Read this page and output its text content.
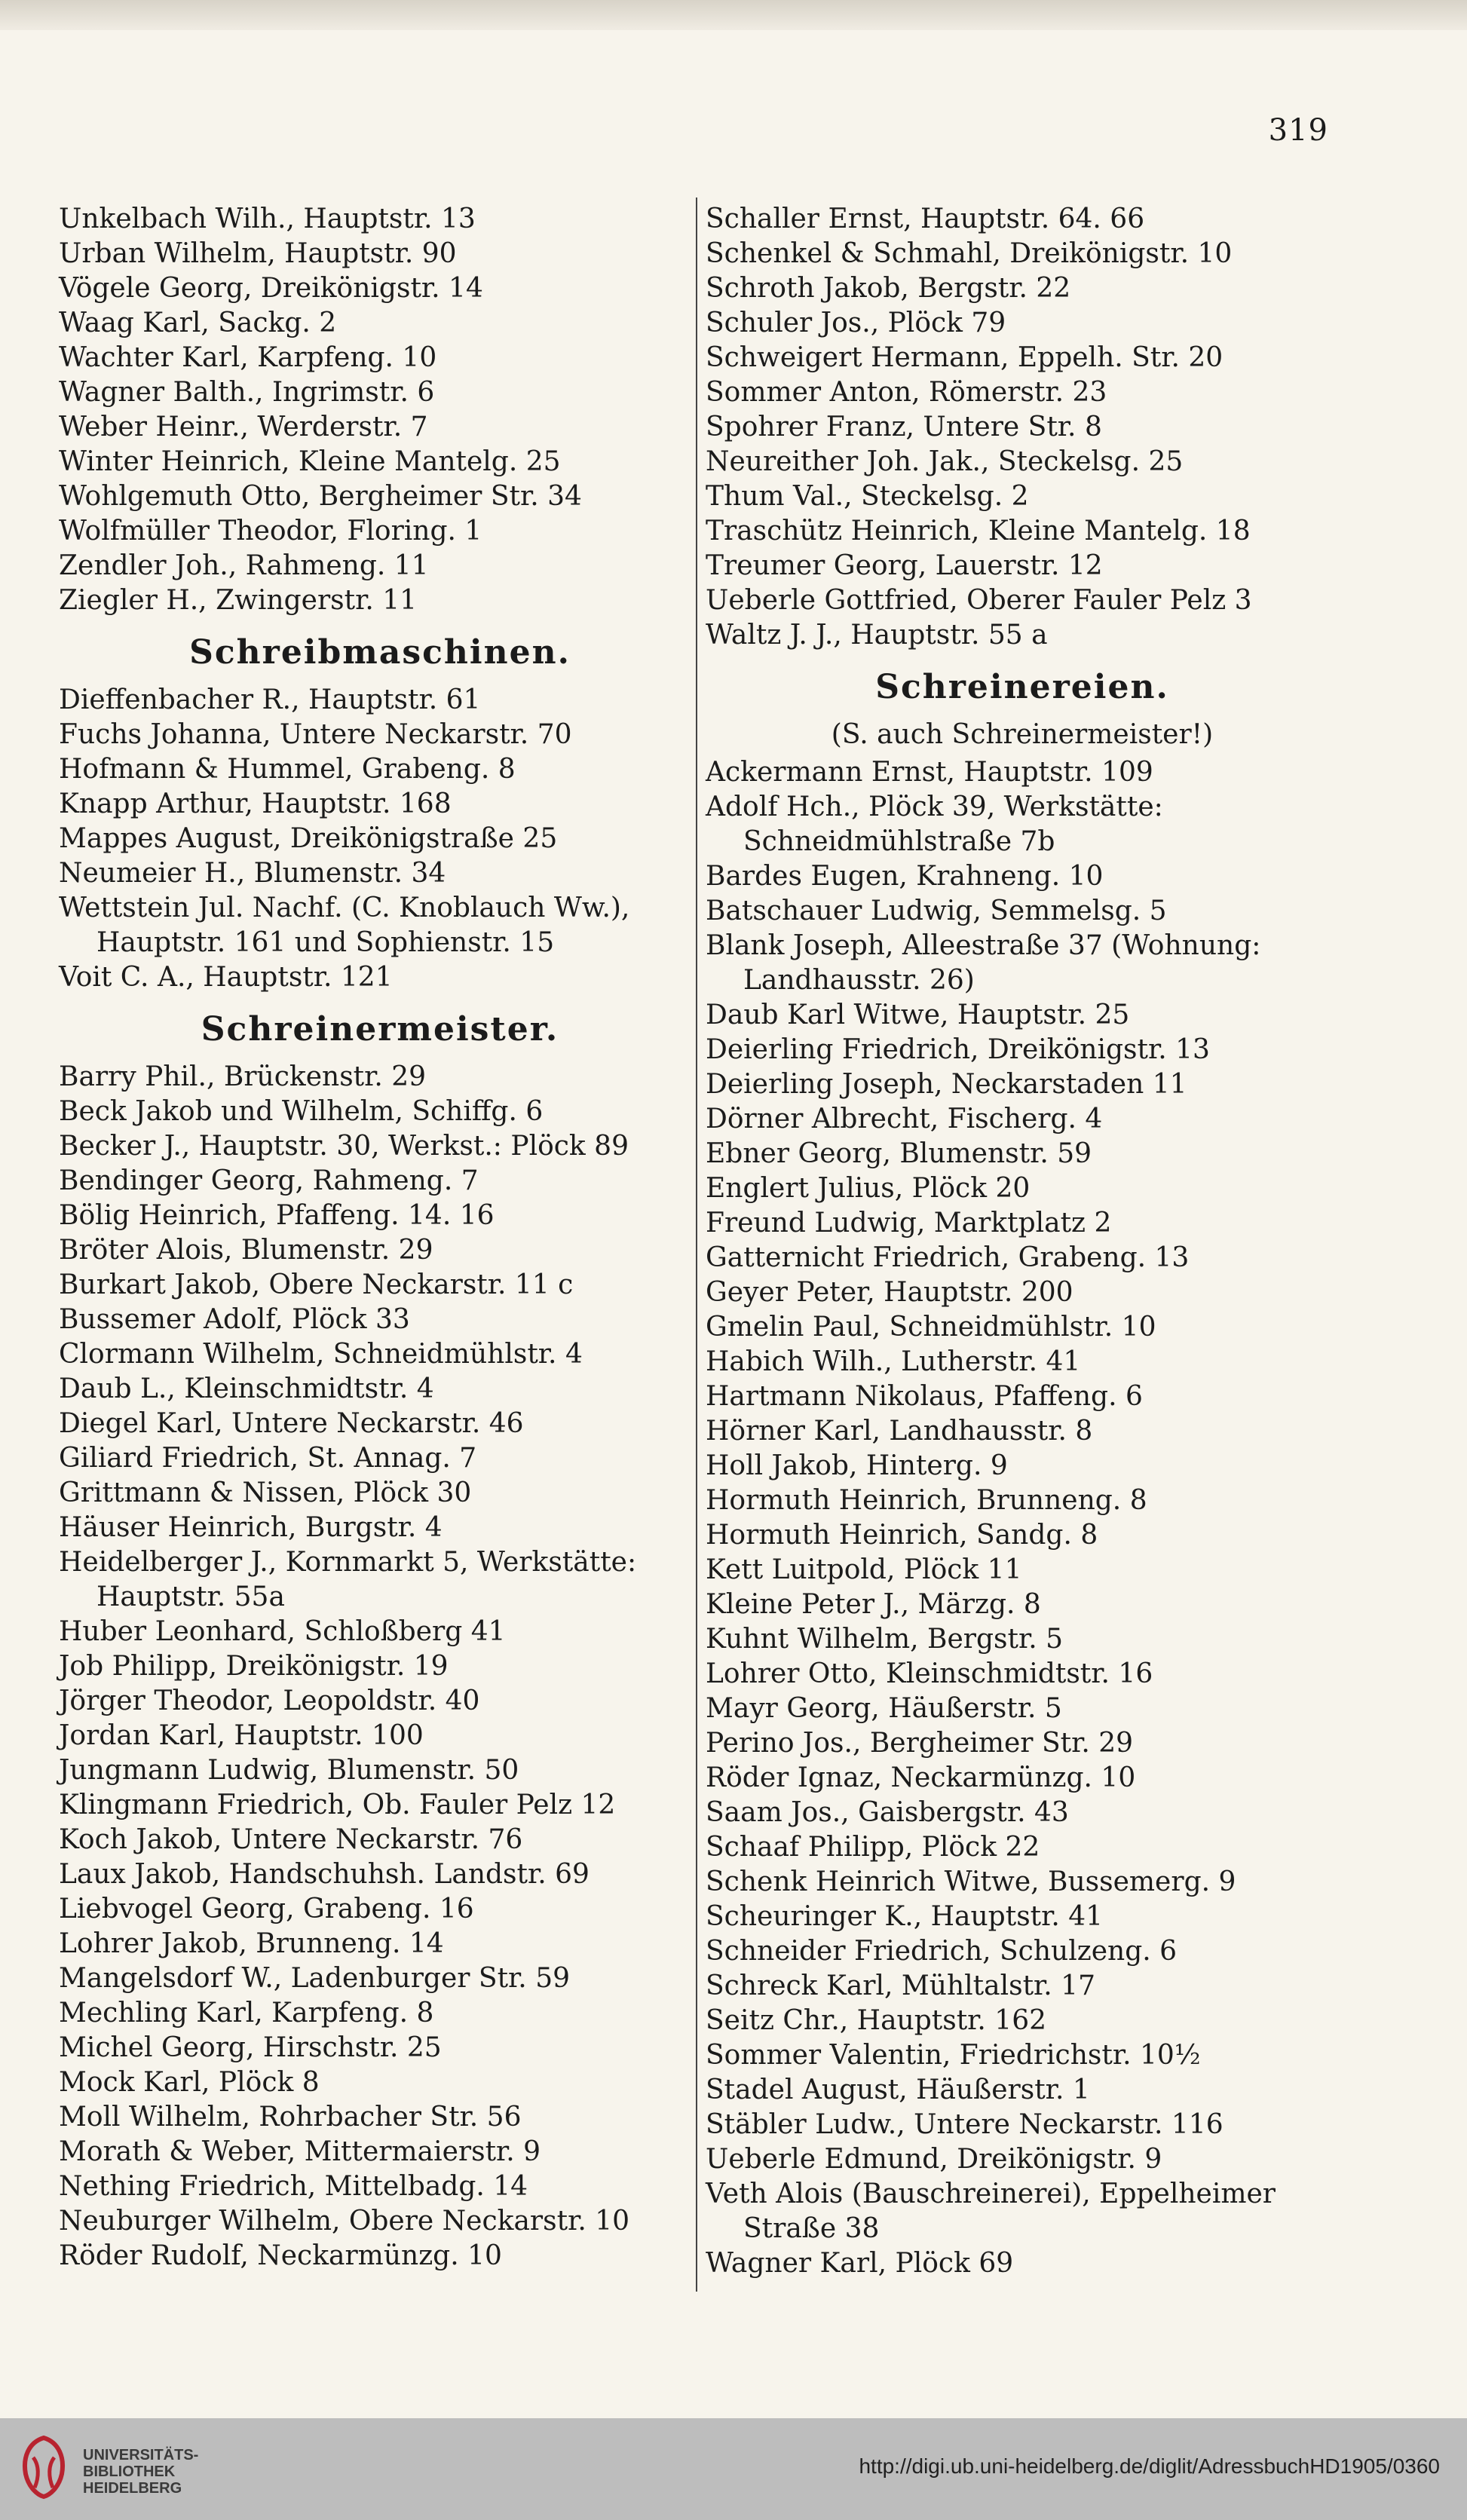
319
Unkelbach Wilh., Hauptstr. 13
Urban Wilhelm, Hauptstr. 90
Vögele Georg, Dreikönigstr. 14
Waag Karl, Sackg. 2
Wachter Karl, Karpfeng. 10
Wagner Balth., Ingrimstr. 6
Weber Heinr., Werderstr. 7
Winter Heinrich, Kleine Mantelg. 25
Wohlgemuth Otto, Bergheimer Str. 34
Wolfmüller Theodor, Floring. 1
Zendler Joh., Rahmeng. 11
Ziegler H., Zwingerstr. 11
Schreibmaschinen.
Dieffenbacher R., Hauptstr. 61
Fuchs Johanna, Untere Neckarstr. 70
Hofmann & Hummel, Grabeng. 8
Knapp Arthur, Hauptstr. 168
Mappes August, Dreikönigstraße 25
Neumeier H., Blumenstr. 34
Wettstein Jul. Nachf. (C. Knoblauch Ww.), Hauptstr. 161 und Sophienstr. 15
Voit C. A., Hauptstr. 121
Schreinermeister.
Barry Phil., Brückenstr. 29
Beck Jakob und Wilhelm, Schiffg. 6
Becker J., Hauptstr. 30, Werkst.: Plöck 89
Bendinger Georg, Rahmeng. 7
Bölig Heinrich, Pfaffeng. 14. 16
Bröter Alois, Blumenstr. 29
Burkart Jakob, Obere Neckarstr. 11 c
Bussemer Adolf, Plöck 33
Clormann Wilhelm, Schneidmühlstr. 4
Daub L., Kleinschmidtstr. 4
Diegel Karl, Untere Neckarstr. 46
Giliard Friedrich, St. Annag. 7
Grittmann & Nissen, Plöck 30
Häuser Heinrich, Burgstr. 4
Heidelberger J., Kornmarkt 5, Werkstätte: Hauptstr. 55a
Huber Leonhard, Schloßberg 41
Job Philipp, Dreikönigstr. 19
Jörger Theodor, Leopoldstr. 40
Jordan Karl, Hauptstr. 100
Jungmann Ludwig, Blumenstr. 50
Klingmann Friedrich, Ob. Fauler Pelz 12
Koch Jakob, Untere Neckarstr. 76
Laux Jakob, Handschuhsh. Landstr. 69
Liebvogel Georg, Grabeng. 16
Lohrer Jakob, Brunneng. 14
Mangelsdorf W., Ladenburger Str. 59
Mechling Karl, Karpfeng. 8
Michel Georg, Hirschstr. 25
Mock Karl, Plöck 8
Moll Wilhelm, Rohrbacher Str. 56
Morath & Weber, Mittermaierstr. 9
Nething Friedrich, Mittelbadg. 14
Neuburger Wilhelm, Obere Neckarstr. 10
Röder Rudolf, Neckarmünzg. 10
Schaller Ernst, Hauptstr. 64. 66
Schenkel & Schmahl, Dreikönigstr. 10
Schroth Jakob, Bergstr. 22
Schuler Jos., Plöck 79
Schweigert Hermann, Eppelh. Str. 20
Sommer Anton, Römerstr. 23
Spohrer Franz, Untere Str. 8
Neureither Joh. Jak., Steckelsg. 25
Thum Val., Steckelsg. 2
Traschütz Heinrich, Kleine Mantelg. 18
Treumer Georg, Lauerstr. 12
Ueberle Gottfried, Oberer Fauler Pelz 3
Waltz J. J., Hauptstr. 55 a
Schreinereien.
(S. auch Schreinermeister!)
Ackermann Ernst, Hauptstr. 109
Adolf Hch., Plöck 39, Werkstätte: Schneidmühlstraße 7b
Bardes Eugen, Krahneng. 10
Batschauer Ludwig, Semmelsg. 5
Blank Joseph, Alleestraße 37 (Wohnung: Landhausstr. 26)
Daub Karl Witwe, Hauptstr. 25
Deierling Friedrich, Dreikönigstr. 13
Deierling Joseph, Neckarstaden 11
Dörner Albrecht, Fischerg. 4
Ebner Georg, Blumenstr. 59
Englert Julius, Plöck 20
Freund Ludwig, Marktplatz 2
Gatternicht Friedrich, Grabeng. 13
Geyer Peter, Hauptstr. 200
Gmelin Paul, Schneidmühlstr. 10
Habich Wilh., Lutherstr. 41
Hartmann Nikolaus, Pfaffeng. 6
Hörner Karl, Landhausstr. 8
Holl Jakob, Hinterg. 9
Hormuth Heinrich, Brunneng. 8
Hormuth Heinrich, Sandg. 8
Kett Luitpold, Plöck 11
Kleine Peter J., Märzg. 8
Kuhnt Wilhelm, Bergstr. 5
Lohrer Otto, Kleinschmidtstr. 16
Mayr Georg, Häußerstr. 5
Perino Jos., Bergheimer Str. 29
Röder Ignaz, Neckarmünzg. 10
Saam Jos., Gaisbergstr. 43
Schaaf Philipp, Plöck 22
Schenk Heinrich Witwe, Bussemerg. 9
Scheuringer K., Hauptstr. 41
Schneider Friedrich, Schulzeng. 6
Schreck Karl, Mühltalstr. 17
Seitz Chr., Hauptstr. 162
Sommer Valentin, Friedrichstr. 10½
Stadel August, Häußerstr. 1
Stäbler Ludw., Untere Neckarstr. 116
Ueberle Edmund, Dreikönigstr. 9
Veth Alois (Bauschreinerei), Eppelheimer Straße 38
Wagner Karl, Plöck 69
UNIVERSITÄTS-
BIBLIOTHEK
HEIDELBERG
http://digi.ub.uni-heidelberg.de/diglit/AdressbuchHD1905/0360
